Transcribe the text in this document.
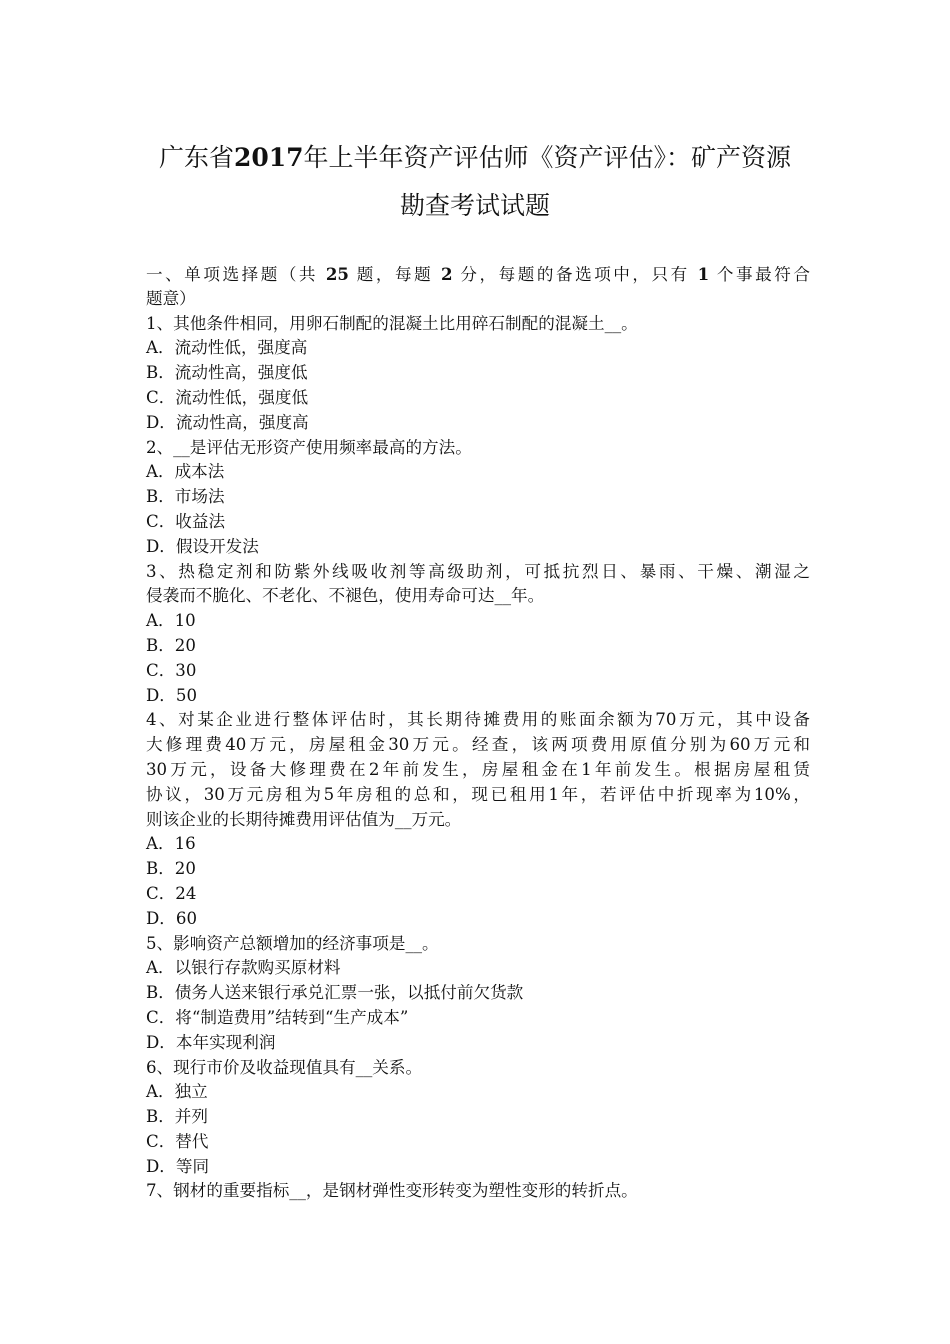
广东省2017年上半年资产评估师《资产评估》：矿产资源
勘查考试试题
一、单项选择题（共 25 题，每题 2 分，每题的备选项中，只有 1 个事最符合
题意）
1、其他条件相同，用卵石制配的混凝土比用碎石制配的混凝土__。
A．流动性低，强度高
B．流动性高，强度低
C．流动性低，强度低
D．流动性高，强度高
2、__是评估无形资产使用频率最高的方法。
A．成本法
B．市场法
C．收益法
D．假设开发法
3、热稳定剂和防紫外线吸收剂等高级助剂，可抵抗烈日、暴雨、干燥、潮湿之
侵袭而不脆化、不老化、不褪色，使用寿命可达__年。
A．10
B．20
C．30
D．50
4、对某企业进行整体评估时，其长期待摊费用的账面余额为70万元，其中设备
大修理费40万元，房屋租金30万元。经查，该两项费用原值分别为60万元和
30万元，设备大修理费在2年前发生，房屋租金在1年前发生。根据房屋租赁
协议，30万元房租为5年房租的总和，现已租用1年，若评估中折现率为10%，
则该企业的长期待摊费用评估值为__万元。
A．16
B．20
C．24
D．60
5、影响资产总额增加的经济事项是__。
A．以银行存款购买原材料
B．债务人送来银行承兑汇票一张，以抵付前欠货款
C．将“制造费用”结转到“生产成本”
D．本年实现利润
6、现行市价及收益现值具有__关系。
A．独立
B．并列
C．替代
D．等同
7、钢材的重要指标__，是钢材弹性变形转变为塑性变形的转折点。
